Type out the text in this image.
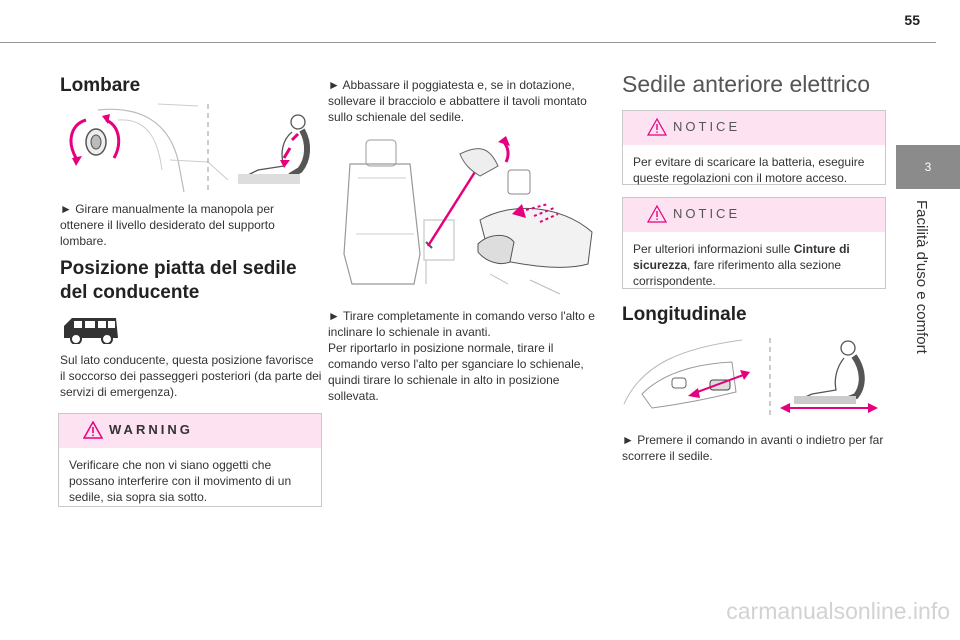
55
3
Facilità d'uso e comfort
Lombare
► Girare manualmente la manopola per ottenere il livello desiderato del supporto lombare.
Posizione piatta del sedile del conducente
Sul lato conducente, questa posizione favorisce il soccorso dei passeggeri posteriori (da parte dei servizi di emergenza).
WARNING
Verificare che non vi siano oggetti che possano interferire con il movimento di un sedile, sia sopra sia sotto.
► Abbassare il poggiatesta e, se in dotazione, sollevare il bracciolo e abbattere il tavoli montato sullo schienale del sedile.
► Tirare completamente in comando verso l'alto e inclinare lo schienale in avanti.
Per riportarlo in posizione normale, tirare il comando verso l'alto per sganciare lo schienale, quindi tirare lo schienale in alto in posizione sollevata.
Sedile anteriore elettrico
NOTICE
Per evitare di scaricare la batteria, eseguire queste regolazioni con il motore acceso.
NOTICE
Per ulteriori informazioni sulle Cinture di sicurezza, fare riferimento alla sezione corrispondente.
Longitudinale
► Premere il comando in avanti o indietro per far scorrere il sedile.
carmanualsonline.info
